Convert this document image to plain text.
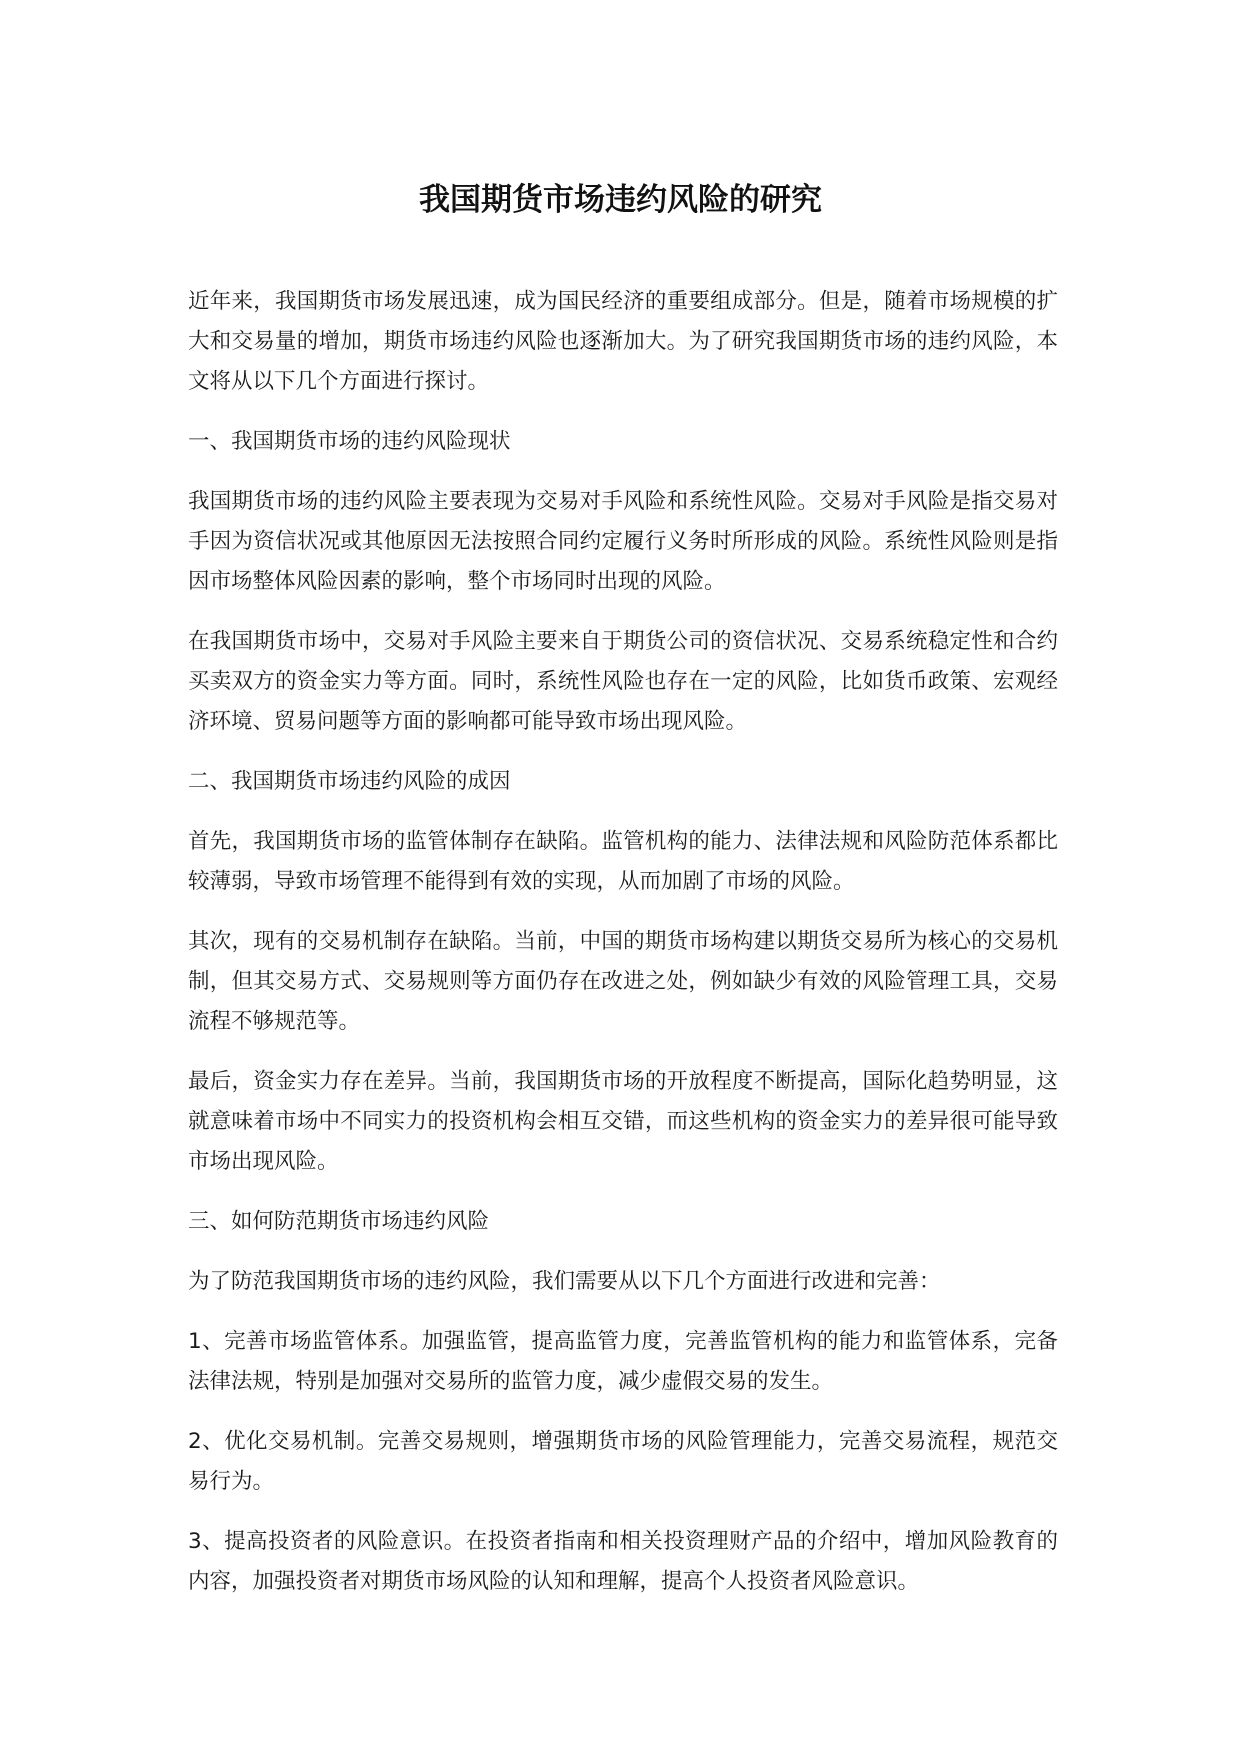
我国期货市场违约风险的研究

近年来，我国期货市场发展迅速，成为国民经济的重要组成部分。但是，随着市场规模的扩大和交易量的增加，期货市场违约风险也逐渐加大。为了研究我国期货市场的违约风险，本文将从以下几个方面进行探讨。

一、我国期货市场的违约风险现状

我国期货市场的违约风险主要表现为交易对手风险和系统性风险。交易对手风险是指交易对手因为资信状况或其他原因无法按照合同约定履行义务时所形成的风险。系统性风险则是指因市场整体风险因素的影响，整个市场同时出现的风险。

在我国期货市场中，交易对手风险主要来自于期货公司的资信状况、交易系统稳定性和合约买卖双方的资金实力等方面。同时，系统性风险也存在一定的风险，比如货币政策、宏观经济环境、贸易问题等方面的影响都可能导致市场出现风险。

二、我国期货市场违约风险的成因

首先，我国期货市场的监管体制存在缺陷。监管机构的能力、法律法规和风险防范体系都比较薄弱，导致市场管理不能得到有效的实现，从而加剧了市场的风险。

其次，现有的交易机制存在缺陷。当前，中国的期货市场构建以期货交易所为核心的交易机制，但其交易方式、交易规则等方面仍存在改进之处，例如缺少有效的风险管理工具，交易流程不够规范等。

最后，资金实力存在差异。当前，我国期货市场的开放程度不断提高，国际化趋势明显，这就意味着市场中不同实力的投资机构会相互交错，而这些机构的资金实力的差异很可能导致市场出现风险。

三、如何防范期货市场违约风险

为了防范我国期货市场的违约风险，我们需要从以下几个方面进行改进和完善：

1、完善市场监管体系。加强监管，提高监管力度，完善监管机构的能力和监管体系，完备法律法规，特别是加强对交易所的监管力度，减少虚假交易的发生。

2、优化交易机制。完善交易规则，增强期货市场的风险管理能力，完善交易流程，规范交易行为。

3、提高投资者的风险意识。在投资者指南和相关投资理财产品的介绍中，增加风险教育的内容，加强投资者对期货市场风险的认知和理解，提高个人投资者风险意识。
